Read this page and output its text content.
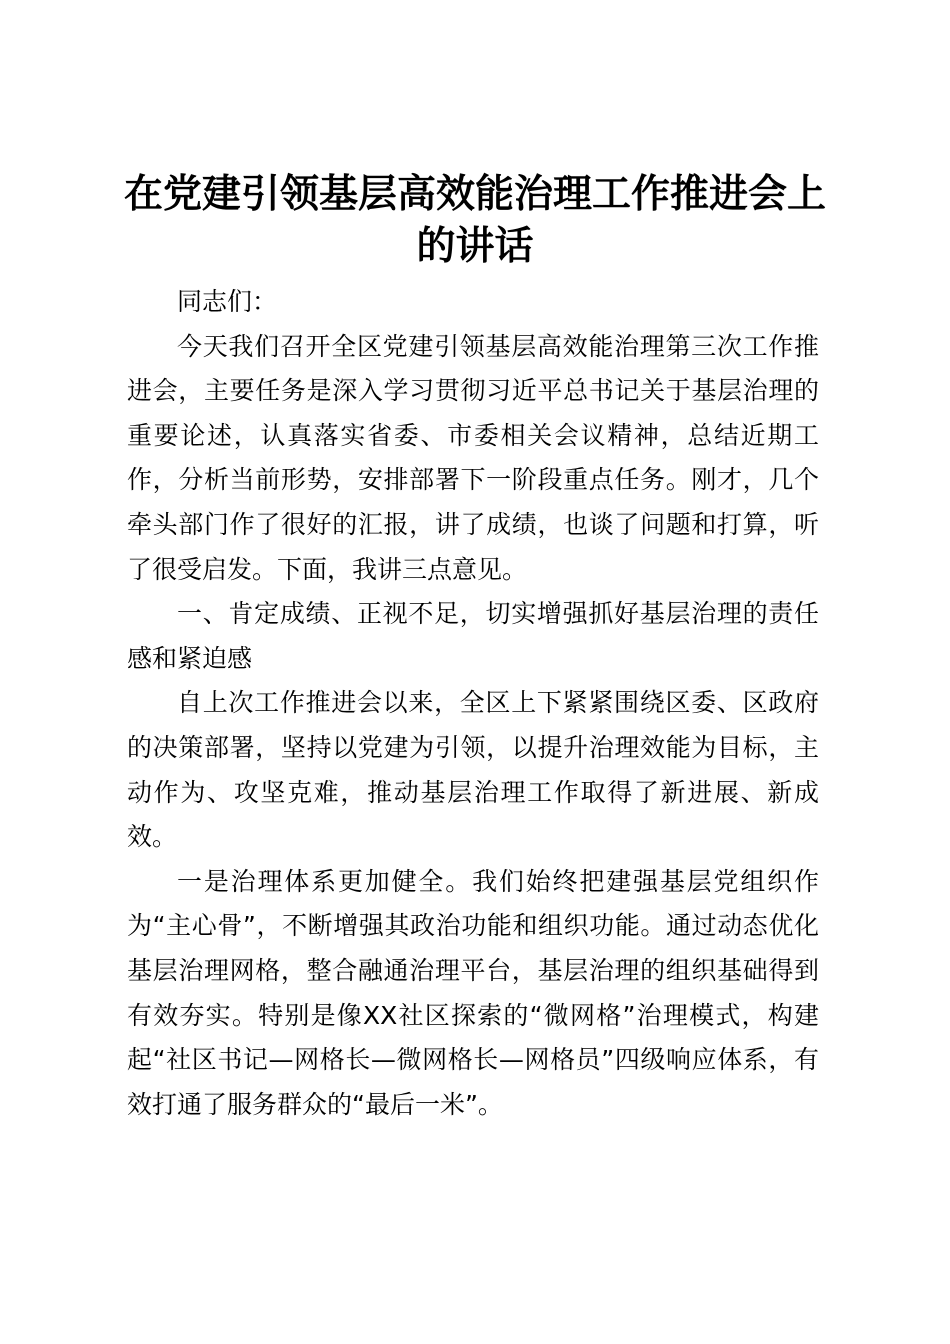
在党建引领基层高效能治理工作推进会上的讲话

同志们：

今天我们召开全区党建引领基层高效能治理第三次工作推进会，主要任务是深入学习贯彻习近平总书记关于基层治理的重要论述，认真落实省委、市委相关会议精神，总结近期工作，分析当前形势，安排部署下一阶段重点任务。刚才，几个牵头部门作了很好的汇报，讲了成绩，也谈了问题和打算，听了很受启发。下面，我讲三点意见。

一、肯定成绩、正视不足，切实增强抓好基层治理的责任感和紧迫感

自上次工作推进会以来，全区上下紧紧围绕区委、区政府的决策部署，坚持以党建为引领，以提升治理效能为目标，主动作为、攻坚克难，推动基层治理工作取得了新进展、新成效。

一是治理体系更加健全。我们始终把建强基层党组织作为“主心骨”，不断增强其政治功能和组织功能。通过动态优化基层治理网格，整合融通治理平台，基层治理的组织基础得到有效夯实。特别是像XX社区探索的“微网格”治理模式，构建起“社区书记—网格长—微网格长—网格员”四级响应体系，有效打通了服务群众的“最后一米”。
